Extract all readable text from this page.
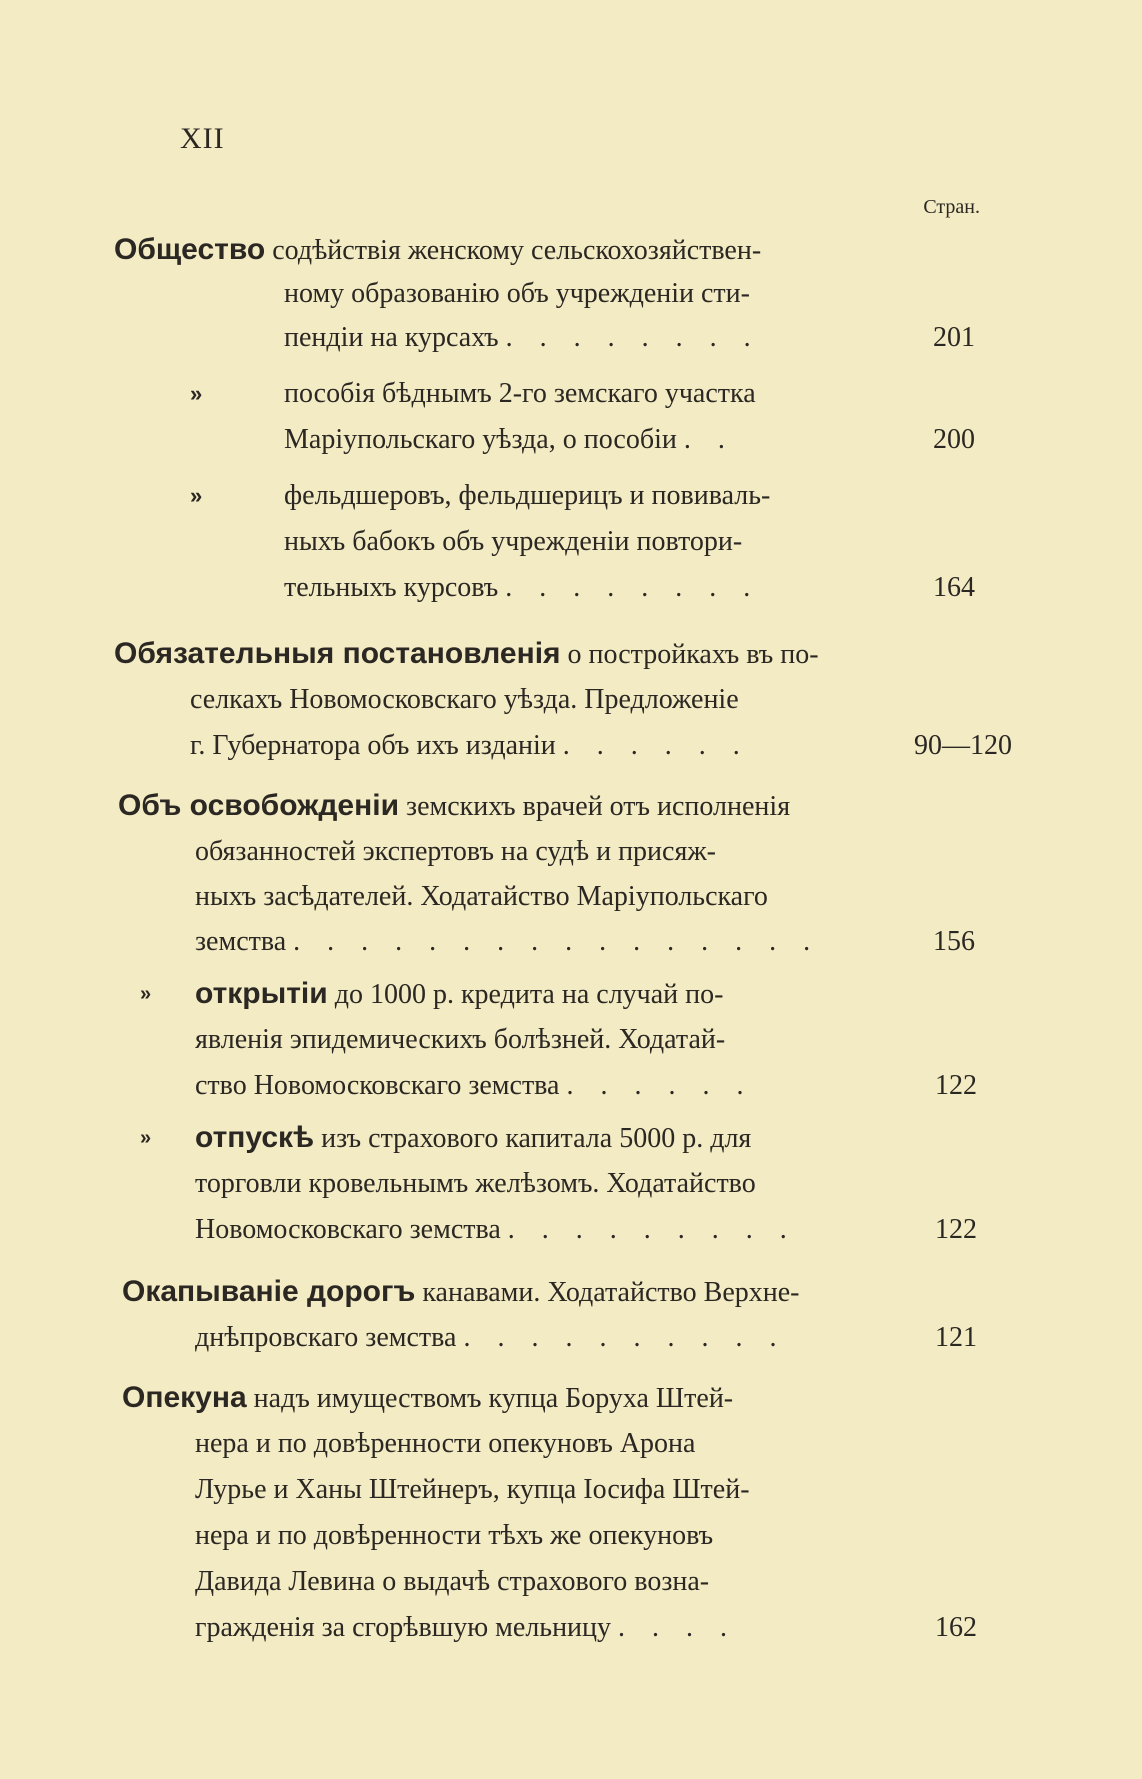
XII
Стран.
Общество содѣйствія женскому сельскохозяйствен-
ному образованію объ учрежденіи сти-
пендіи на курсахъ . . . . . . . .	201
»	пособія бѣднымъ 2-го земскаго участка
Маріупольскаго уѣзда, о пособіи . .	200
»	фельдшеровъ, фельдшерицъ и повиваль-
ныхъ бабокъ объ учрежденіи повтори-
тельныхъ курсовъ . . . . . . . .	164
Обязательныя постановленія о постройкахъ въ по-
селкахъ Новомосковскаго уѣзда. Предложеніе
г. Губернатора объ ихъ изданіи . . . . . .	90—120
Объ освобожденіи земскихъ врачей отъ исполненія
обязанностей экспертовъ на судѣ и присяж-
ныхъ засѣдателей. Ходатайство Маріупольскаго
земства . . . . . . . . . . . . . . . .	156
» открытіи до 1000 р. кредита на случай по-
явленія эпидемическихъ болѣзней. Ходатай-
ство Новомосковскаго земства . . . . . .	122
» отпускѣ изъ страхового капитала 5000 р. для
торговли кровельнымъ желѣзомъ. Ходатайство
Новомосковскаго земства . . . . . . . . .	122
Окапываніе дорогъ канавами. Ходатайство Верхне-
днѣпровскаго земства . . . . . . . . . .	121
Опекуна надъ имуществомъ купца Боруха Штей-
нера и по довѣренности опекуновъ Арона
Лурье и Ханы Штейнеръ, купца Іосифа Штей-
нера и по довѣренности тѣхъ же опекуновъ
Давида Левина о выдачѣ страхового возна-
гражденія за сгорѣвшую мельницу . . . .	162
